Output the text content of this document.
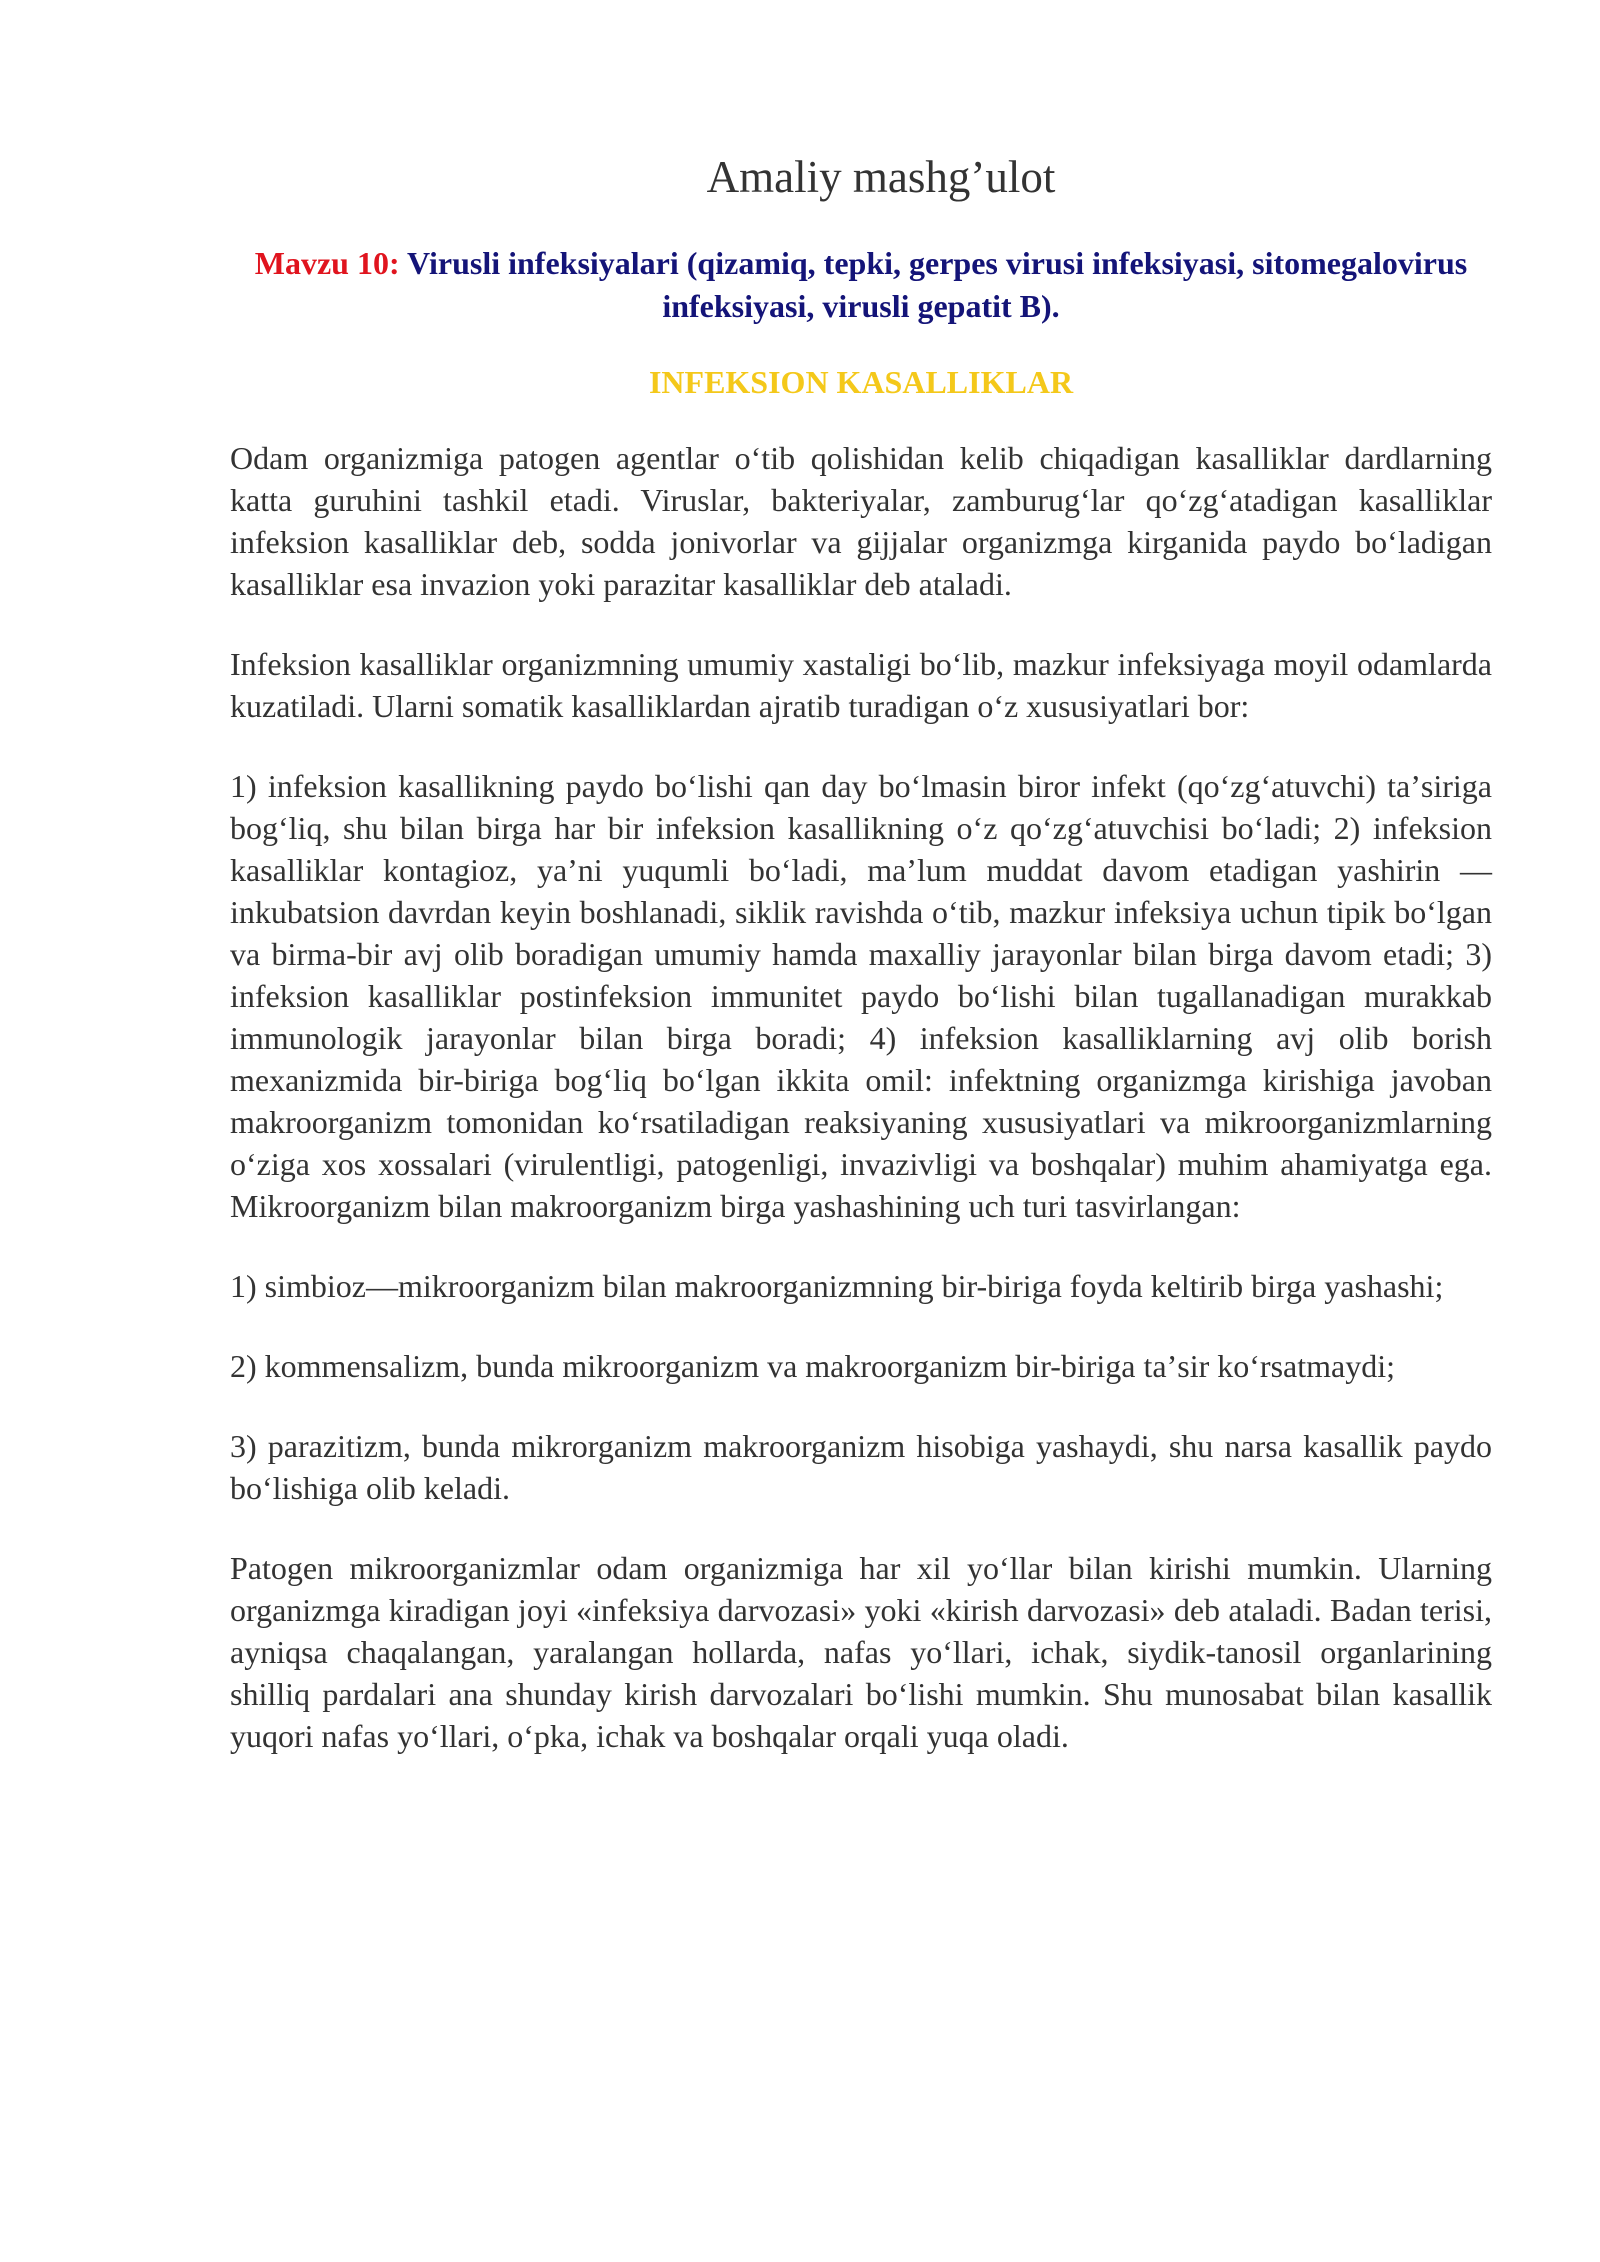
Amaliy mashg’ulot

Mavzu 10: Virusli infeksiyalari (qizamiq, tepki, gerpes virusi infeksiyasi, sitomegalovirus infeksiyasi, virusli gepatit B).

INFEKSION KASALLIKLAR

Odam organizmiga patogen agentlar oʻtib qolishidan kelib chiqadigan kasalliklar dardlarning katta guruhini tashkil etadi. Viruslar, bakteriyalar, zamburugʻlar qoʻzgʻatadigan kasalliklar infeksion kasalliklar deb, sodda jonivorlar va gijjalar organizmga kirganida paydo boʻladigan kasalliklar esa invazion yoki parazitar kasalliklar deb ataladi.

Infeksion kasalliklar organizmning umumiy xastaligi boʻlib, mazkur infeksiyaga moyil odamlarda kuzatiladi. Ularni somatik kasalliklardan ajratib turadigan oʻz xususiyatlari bor:

1) infeksion kasallikning paydo boʻlishi qan day boʻlmasin biror infekt (qoʻzgʻatuvchi) taʼsiriga bogʻliq, shu bilan birga har bir infeksion kasallikning oʻz qoʻzgʻatuvchisi boʻladi; 2) infeksion kasalliklar kontagioz, yaʼni yuqumli boʻladi, maʼlum muddat davom etadigan yashirin — inkubatsion davrdan keyin boshlanadi, siklik ravishda oʻtib, mazkur infeksiya uchun tipik boʻlgan va birma-bir avj olib boradigan umumiy hamda maxalliy jarayonlar bilan birga davom etadi; 3) infeksion kasalliklar postinfeksion immunitet paydo boʻlishi bilan tugallanadigan murakkab immunologik jarayonlar bilan birga boradi; 4) infeksion kasalliklarning avj olib borish mexanizmida bir-biriga bogʻliq boʻlgan ikkita omil: infektning organizmga kirishiga javoban makroorganizm tomonidan koʻrsatiladigan reaksiyaning xususiyatlari va mikroorganizmlarning oʻziga xos xossalari (virulentligi, patogenligi, invazivligi va boshqalar) muhim ahamiyatga ega. Mikroorganizm bilan makroorganizm birga yashashining uch turi tasvirlangan:

1) simbioz—mikroorganizm bilan makroorganizmning bir-biriga foyda keltirib birga yashashi;

2) kommensalizm, bunda mikroorganizm va makroorganizm bir-biriga taʼsir koʻrsatmaydi;

3) parazitizm, bunda mikrorganizm makroorganizm hisobiga yashaydi, shu narsa kasallik paydo boʻlishiga olib keladi.

Patogen mikroorganizmlar odam organizmiga har xil yoʻllar bilan kirishi mumkin. Ularning organizmga kiradigan joyi «infeksiya darvozasi» yoki «kirish darvozasi» deb ataladi. Badan terisi, ayniqsa chaqalangan, yaralangan hollarda, nafas yoʻllari, ichak, siydik-tanosil organlarining shilliq pardalari ana shunday kirish darvozalari boʻlishi mumkin. Shu munosabat bilan kasallik yuqori nafas yoʻllari, oʻpka, ichak va boshqalar orqali yuqa oladi.
